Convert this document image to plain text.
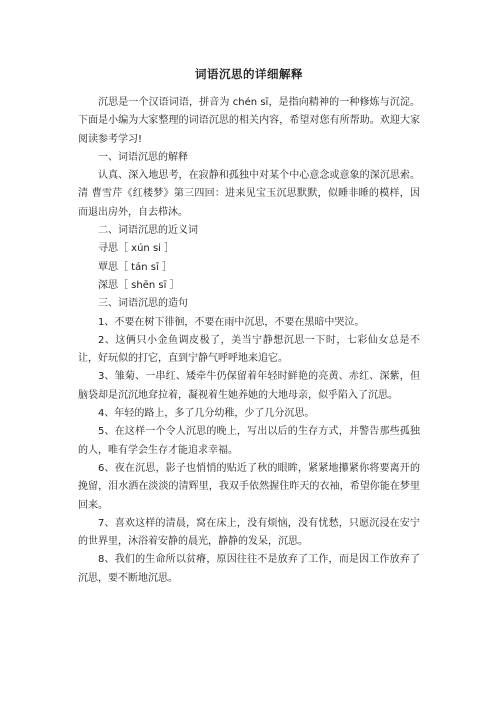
词语沉思的详细解释

沉思是一个汉语词语，拼音为 chén sī，是指向精神的一种修炼与沉淀。下面是小编为大家整理的词语沉思的相关内容，希望对您有所帮助。欢迎大家阅读参考学习!

一、词语沉思的解释

认真、深入地思考，在寂静和孤独中对某个中心意念或意象的深沉思索。清 曹雪芹《红楼梦》第三四回：进来见宝玉沉思默默，似睡非睡的模样，因而退出房外，自去栉沐。

二、词语沉思的近义词

寻思［ xún si ］

覃思［ tán sī ］

深思［ shēn sī ］

三、词语沉思的造句

1、不要在树下徘徊，不要在雨中沉思，不要在黑暗中哭泣。

2、这俩只小金鱼调皮极了，美当宁静想沉思一下时，七彩仙女总是不让，好玩似的打它，直到宁静气呼呼地来追它。

3、雏菊、一串红、矮牵牛仍保留着年轻时鲜艳的亮黄、赤红、深紫，但脑袋却是沉沉地耷拉着，凝视着生她养她的大地母亲，似乎陷入了沉思。

4、年轻的路上，多了几分幼稚，少了几分沉思。

5、在这样一个令人沉思的晚上，写出以后的生存方式，并警告那些孤独的人，唯有学会生存才能追求幸福。

6、夜在沉思，影子也悄悄的贴近了秋的眼眸，紧紧地攥紧你将要离开的挽留，泪水洒在淡淡的清辉里，我双手依然握住昨天的衣袖，希望你能在梦里回来。

7、喜欢这样的清晨，窝在床上，没有烦恼，没有忧愁，只愿沉浸在安宁的世界里，沐浴着安静的晨光，静静的发呆，沉思。

8、我们的生命所以贫瘠，原因往往不是放弃了工作，而是因工作放弃了沉思，要不断地沉思。
